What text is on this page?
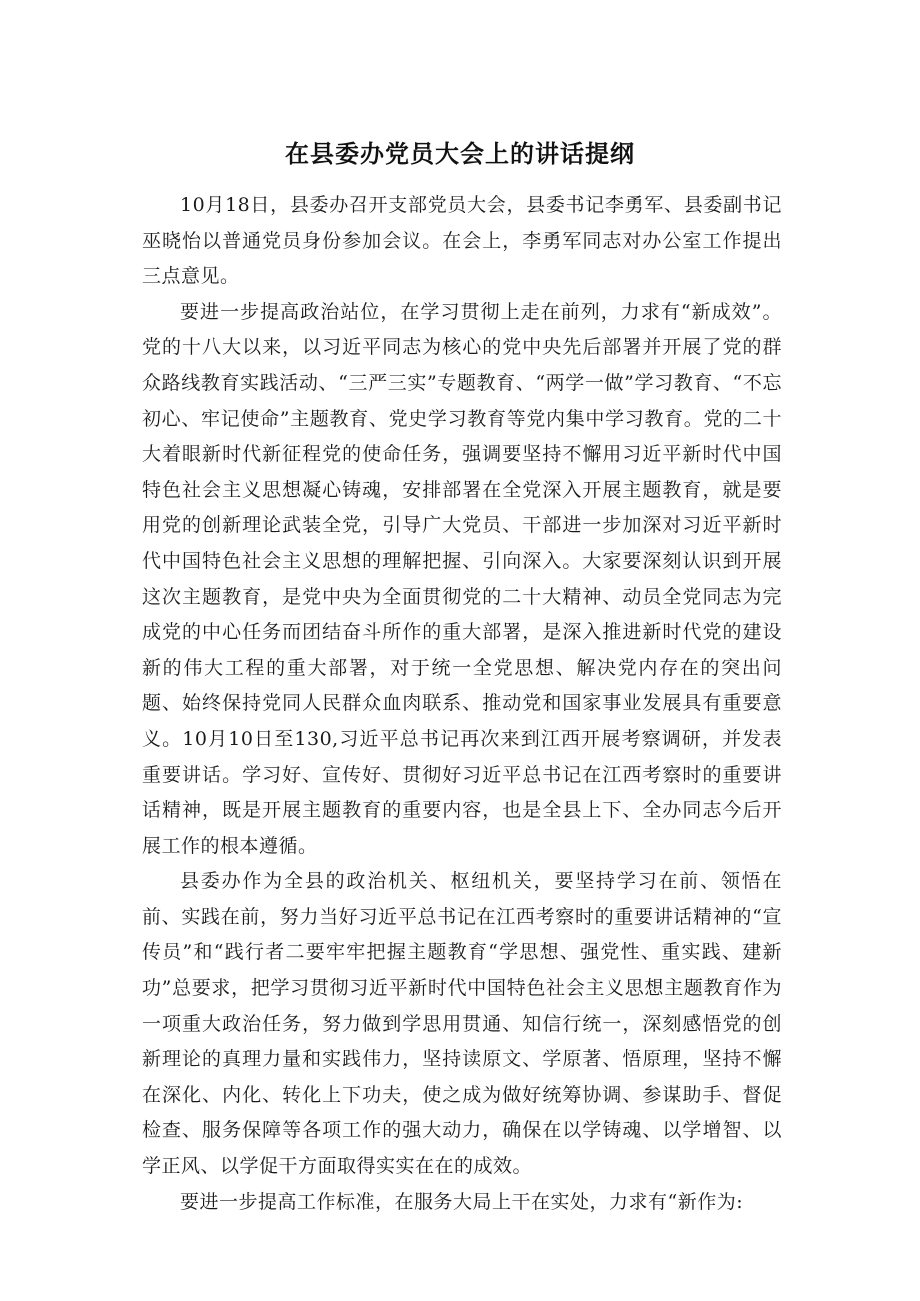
在县委办党员大会上的讲话提纲

10月18日，县委办召开支部党员大会，县委书记李勇军、县委副书记巫晓怡以普通党员身份参加会议。在会上，李勇军同志对办公室工作提出三点意见。

要进一步提高政治站位，在学习贯彻上走在前列，力求有“新成效”。党的十八大以来，以习近平同志为核心的党中央先后部署并开展了党的群众路线教育实践活动、“三严三实”专题教育、“两学一做”学习教育、“不忘初心、牢记使命”主题教育、党史学习教育等党内集中学习教育。党的二十大着眼新时代新征程党的使命任务，强调要坚持不懈用习近平新时代中国特色社会主义思想凝心铸魂，安排部署在全党深入开展主题教育，就是要用党的创新理论武装全党，引导广大党员、干部进一步加深对习近平新时代中国特色社会主义思想的理解把握、引向深入。大家要深刻认识到开展这次主题教育，是党中央为全面贯彻党的二十大精神、动员全党同志为完成党的中心任务而团结奋斗所作的重大部署，是深入推进新时代党的建设新的伟大工程的重大部署，对于统一全党思想、解决党内存在的突出问题、始终保持党同人民群众血肉联系、推动党和国家事业发展具有重要意义。10月10日至130,习近平总书记再次来到江西开展考察调研，并发表重要讲话。学习好、宣传好、贯彻好习近平总书记在江西考察时的重要讲话精神，既是开展主题教育的重要内容，也是全县上下、全办同志今后开展工作的根本遵循。

县委办作为全县的政治机关、枢纽机关，要坚持学习在前、领悟在前、实践在前，努力当好习近平总书记在江西考察时的重要讲话精神的“宣传员”和“践行者二要牢牢把握主题教育“学思想、强党性、重实践、建新功”总要求，把学习贯彻习近平新时代中国特色社会主义思想主题教育作为一项重大政治任务，努力做到学思用贯通、知信行统一，深刻感悟党的创新理论的真理力量和实践伟力，坚持读原文、学原著、悟原理，坚持不懈在深化、内化、转化上下功夫，使之成为做好统筹协调、参谋助手、督促检查、服务保障等各项工作的强大动力，确保在以学铸魂、以学增智、以学正风、以学促干方面取得实实在在的成效。

要进一步提高工作标准，在服务大局上干在实处，力求有“新作为:
